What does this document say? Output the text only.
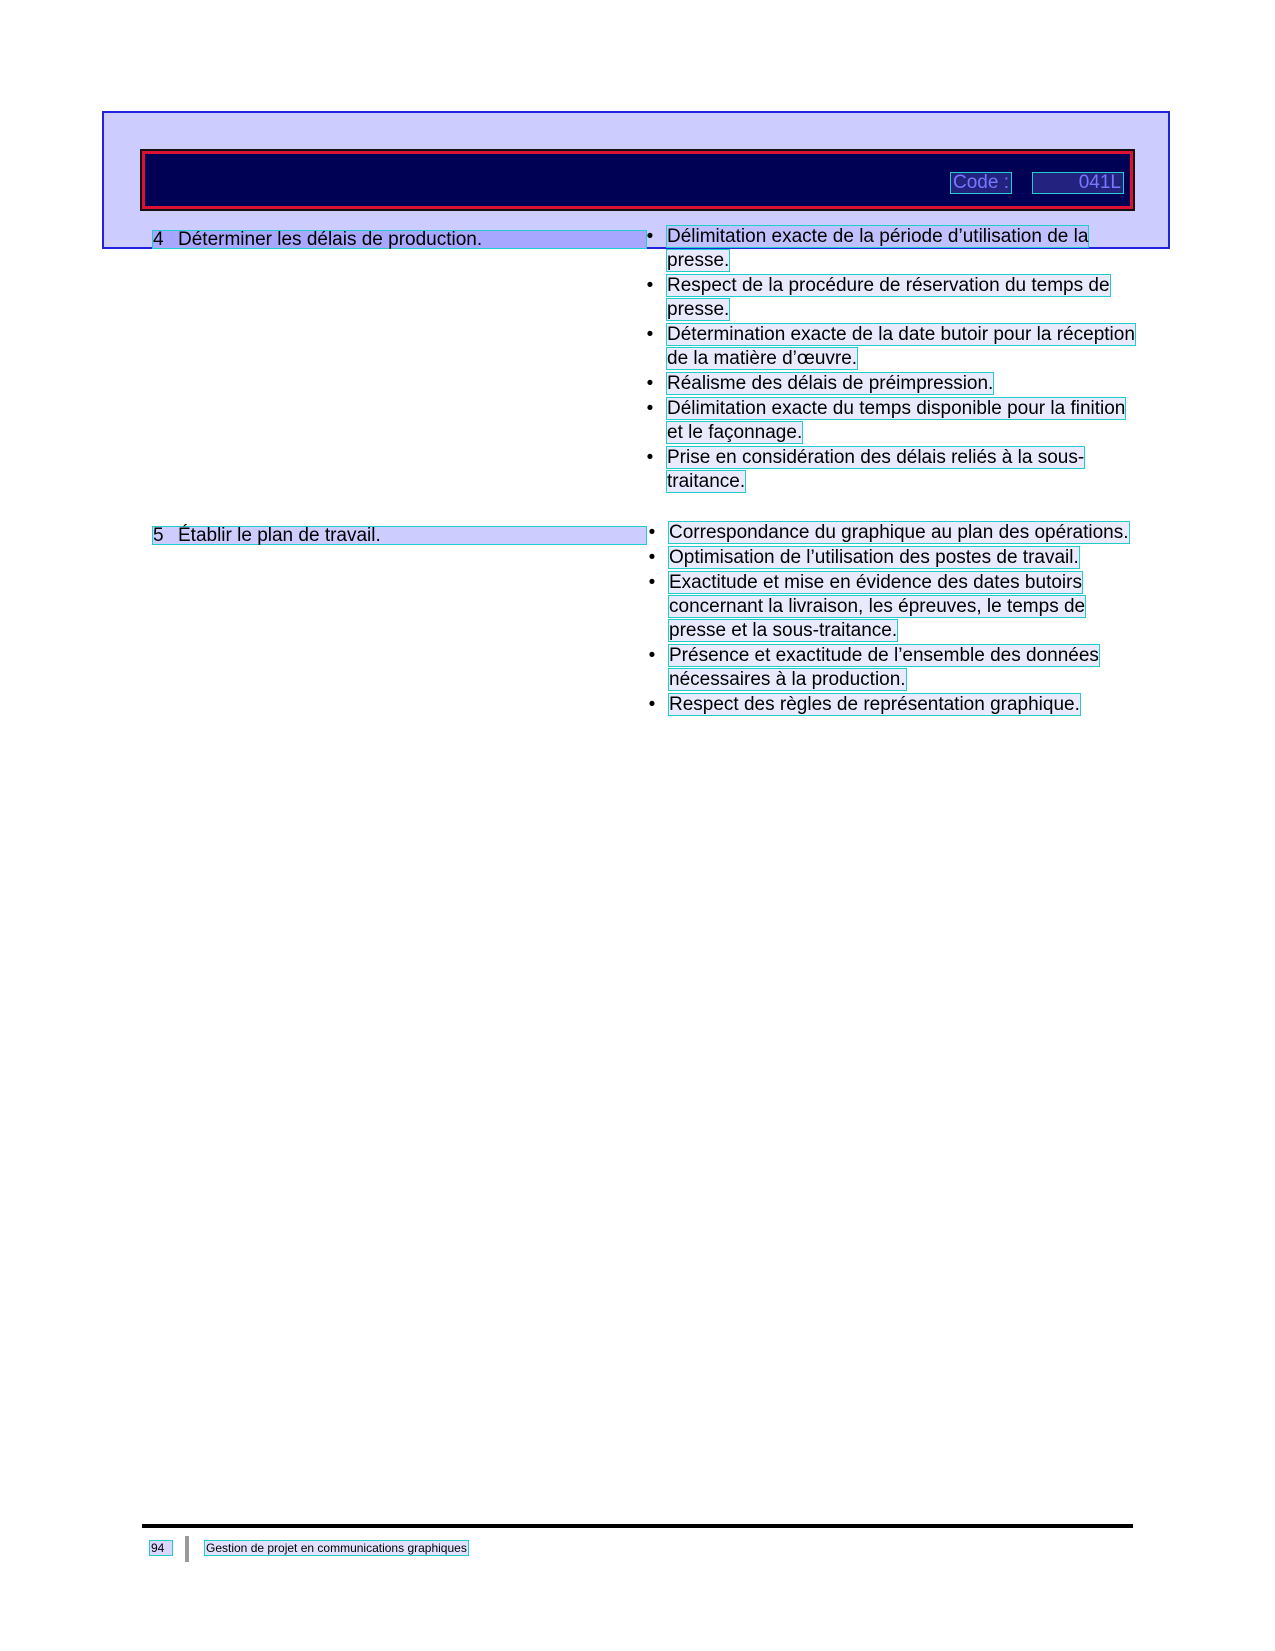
Code :	041L
4 Déterminer les délais de production.	• Délimitation exacte de la période d’utilisation de la presse.
• Respect de la procédure de réservation du temps de presse.
• Détermination exacte de la date butoir pour la réception de la matière d’œuvre.
• Réalisme des délais de préimpression.
• Délimitation exacte du temps disponible pour la finition et le façonnage.
• Prise en considération des délais reliés à la sous-traitance.
5 Établir le plan de travail.	• Correspondance du graphique au plan des opérations.
• Optimisation de l’utilisation des postes de travail.
• Exactitude et mise en évidence des dates butoirs concernant la livraison, les épreuves, le temps de presse et la sous-traitance.
• Présence et exactitude de l’ensemble des données nécessaires à la production.
• Respect des règles de représentation graphique.
94	Gestion de projet en communications graphiques
